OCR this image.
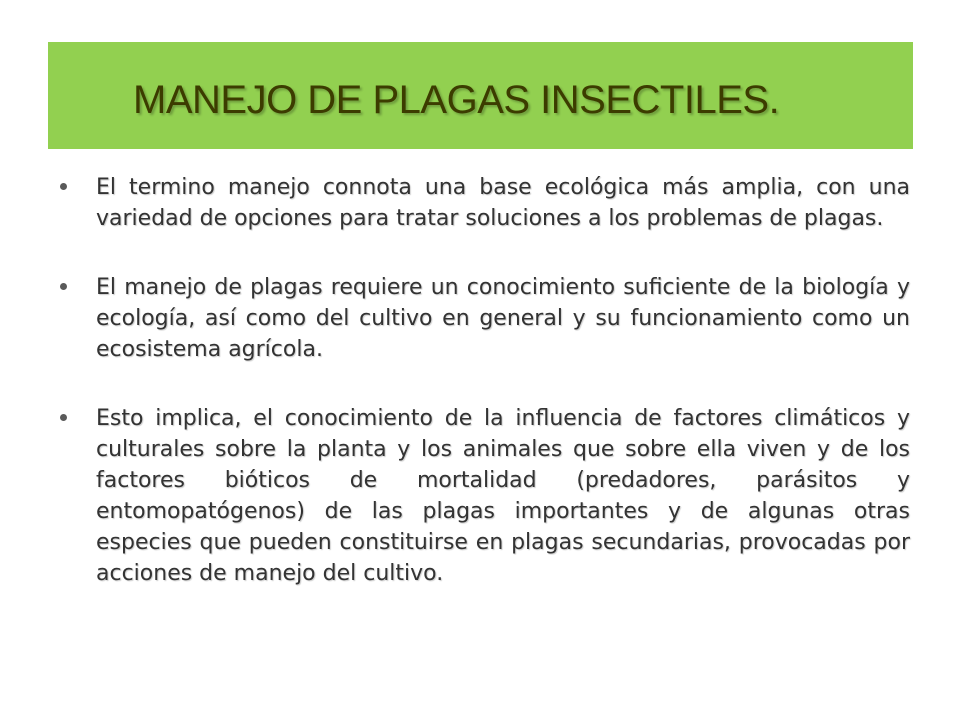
MANEJO DE PLAGAS INSECTILES.
El termino manejo connota una base ecológica más amplia, con una variedad de opciones para tratar soluciones a los problemas de plagas.
El manejo de plagas requiere un conocimiento suficiente de la biología y ecología, así como del cultivo en general y su funcionamiento como un ecosistema agrícola.
Esto implica, el conocimiento de la influencia de factores climáticos y culturales sobre la planta y los animales que sobre ella viven y de los factores bióticos de mortalidad (predadores, parásitos y entomopatógenos) de las plagas importantes y de algunas otras especies que pueden constituirse en plagas secundarias, provocadas por acciones de manejo del cultivo.
